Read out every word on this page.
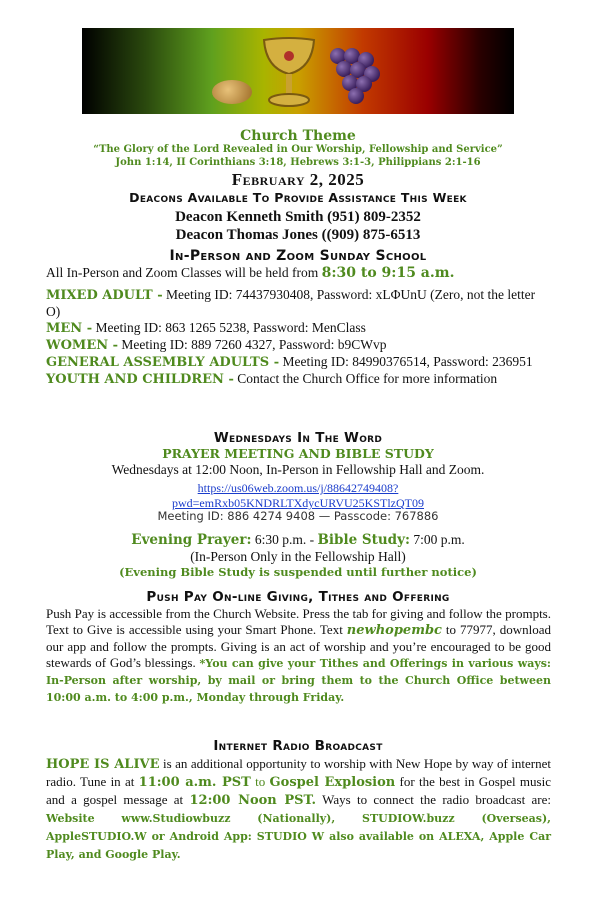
Church Theme
“The Glory of the Lord Revealed in Our Worship, Fellowship and Service”
John 1:14, II Corinthians 3:18, Hebrews 3:1-3, Philippians 2:1-16
February 2, 2025
Deacons Available To Provide Assistance This Week
Deacon Kenneth Smith (951) 809-2352
Deacon Thomas Jones ((909) 875-6513
In-Person and Zoom Sunday School
All In-Person and Zoom Classes will be held from 8:30 to 9:15 a.m.
MIXED ADULT - Meeting ID: 74437930408, Password: xLΦUnU (Zero, not the letter O)
MEN - Meeting ID: 863 1265 5238, Password: MenClass
WOMEN - Meeting ID: 889 7260 4327, Password: b9CWvp
GENERAL ASSEMBLY ADULTS - Meeting ID: 84990376514, Password: 236951
YOUTH AND CHILDREN - Contact the Church Office for more information
Wednesdays In The Word
PRAYER MEETING AND BIBLE STUDY
Wednesdays at 12:00 Noon, In-Person in Fellowship Hall and Zoom.
https://us06web.zoom.us/j/88642749408?
pwd=emRxb05KNDRLTXdycURVU25KSTlzQT09
Meeting ID: 886 4274 9408 — Passcode: 767886
Evening Prayer: 6:30 p.m. - Bible Study: 7:00 p.m.
(In-Person Only in the Fellowship Hall)
(Evening Bible Study is suspended until further notice)
Push Pay On-line Giving, Tithes and Offering
Push Pay is accessible from the Church Website. Press the tab for giving and follow the prompts. Text to Give is accessible using your Smart Phone. Text newhopembc to 77977, download our app and follow the prompts. Giving is an act of worship and you’re encouraged to be good stewards of God’s blessings. *You can give your Tithes and Offerings in various ways: In-Person after worship, by mail or bring them to the Church Office between 10:00 a.m. to 4:00 p.m., Monday through Friday.
Internet Radio Broadcast
HOPE IS ALIVE is an additional opportunity to worship with New Hope by way of internet radio. Tune in at 11:00 a.m. PST to Gospel Explosion for the best in Gospel music and a gospel message at 12:00 Noon PST. Ways to connect the radio broadcast are: Website www.Studiowbuzz (Nationally), STUDIOW.buzz (Overseas), AppleSTUDIO.W or Android App: STUDIO W also available on ALEXA, Apple Car Play, and Google Play.
